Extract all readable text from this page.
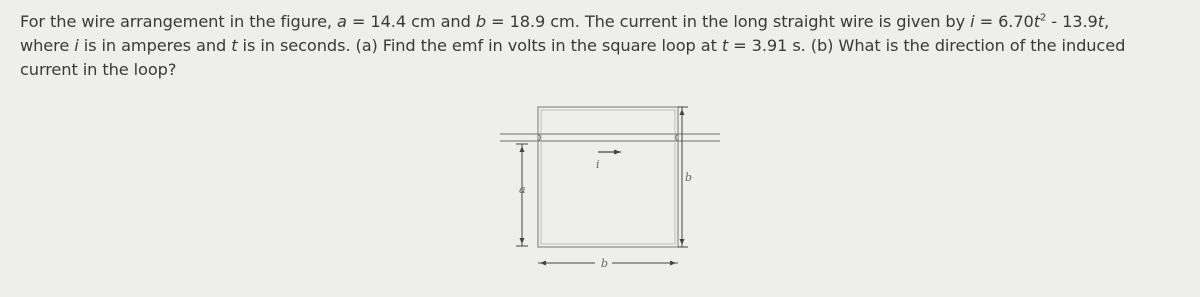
For the wire arrangement in the figure, a = 14.4 cm and b = 18.9 cm. The current in the long straight wire is given by $i = 6.70t^2 - 13.9t$,
where i is in amperes and t is in seconds. (a) Find the emf in volts in the square loop at t = 3.91 s. (b) What is the direction of the induced
current in the loop?
i
a
b
b
